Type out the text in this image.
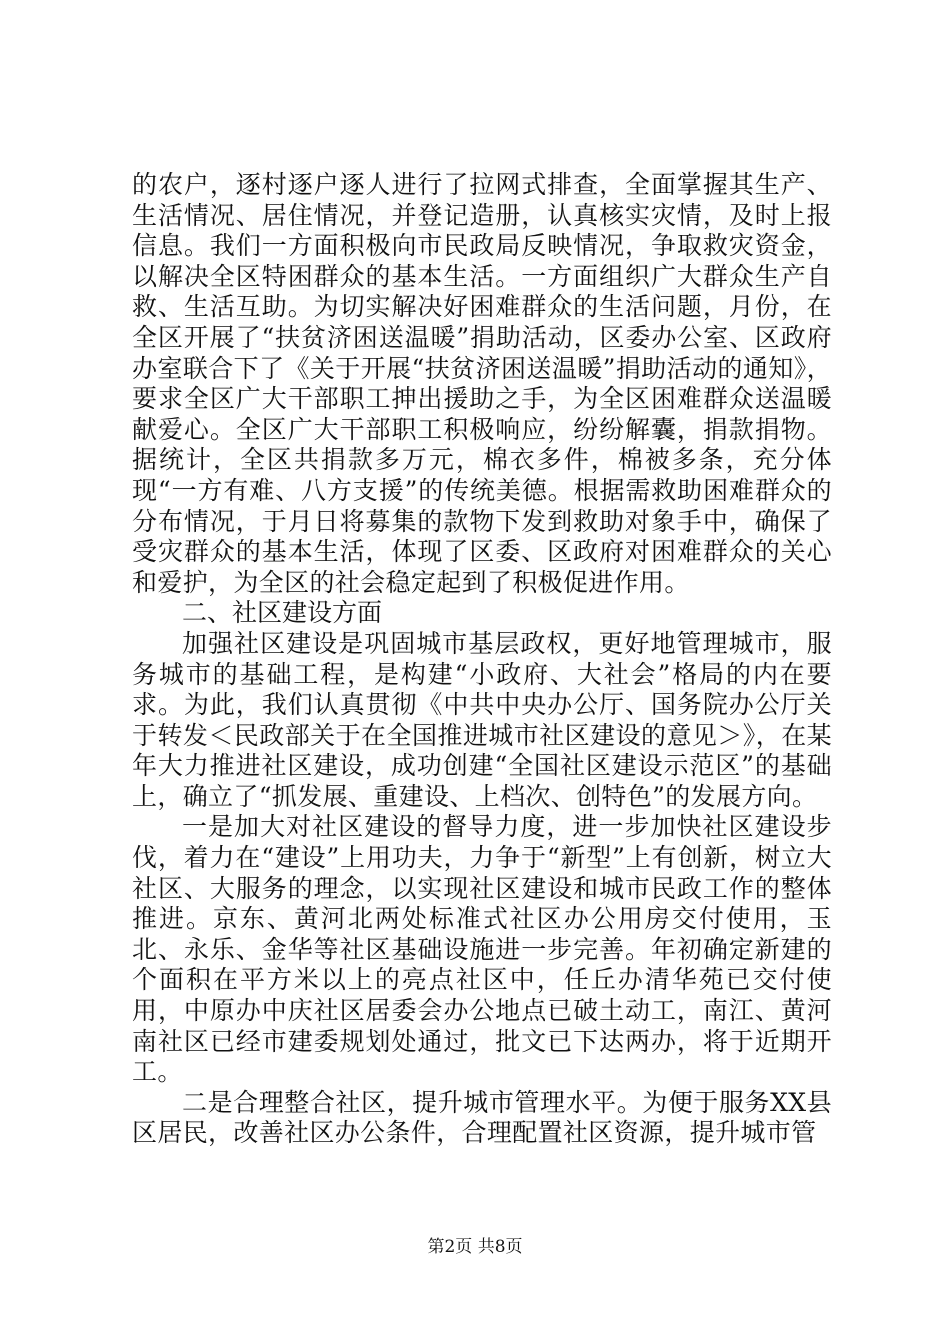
的农户，逐村逐户逐人进行了拉网式排查，全面掌握其生产、生活情况、居住情况，并登记造册，认真核实灾情，及时上报信息。我们一方面积极向市民政局反映情况，争取救灾资金，以解决全区特困群众的基本生活。一方面组织广大群众生产自救、生活互助。为切实解决好困难群众的生活问题，月份，在全区开展了“扶贫济困送温暖”捐助活动，区委办公室、区政府办室联合下了《关于开展“扶贫济困送温暖”捐助活动的通知》，要求全区广大干部职工抻出援助之手，为全区困难群众送温暖献爱心。全区广大干部职工积极响应，纷纷解囊，捐款捐物。据统计，全区共捐款多万元，棉衣多件，棉被多条，充分体现“一方有难、八方支援”的传统美德。根据需救助困难群众的分布情况，于月日将募集的款物下发到救助对象手中，确保了受灾群众的基本生活，体现了区委、区政府对困难群众的关心和爱护，为全区的社会稳定起到了积极促进作用。

二、社区建设方面

加强社区建设是巩固城市基层政权，更好地管理城市，服务城市的基础工程，是构建“小政府、大社会”格局的内在要求。为此，我们认真贯彻《中共中央办公厅、国务院办公厅关于转发＜民政部关于在全国推进城市社区建设的意见＞》，在某年大力推进社区建设，成功创建“全国社区建设示范区”的基础上，确立了“抓发展、重建设、上档次、创特色”的发展方向。

一是加大对社区建设的督导力度，进一步加快社区建设步伐，着力在“建设”上用功夫，力争于“新型”上有创新，树立大社区、大服务的理念，以实现社区建设和城市民政工作的整体推进。京东、黄河北两处标准式社区办公用房交付使用，玉北、永乐、金华等社区基础设施进一步完善。年初确定新建的个面积在平方米以上的亮点社区中，任丘办清华苑已交付使用，中原办中庆社区居委会办公地点已破土动工，南江、黄河南社区已经市建委规划处通过，批文已下达两办，将于近期开工。

二是合理整合社区，提升城市管理水平。为便于服务XX县区居民，改善社区办公条件，合理配置社区资源，提升城市管

第2页 共8页
